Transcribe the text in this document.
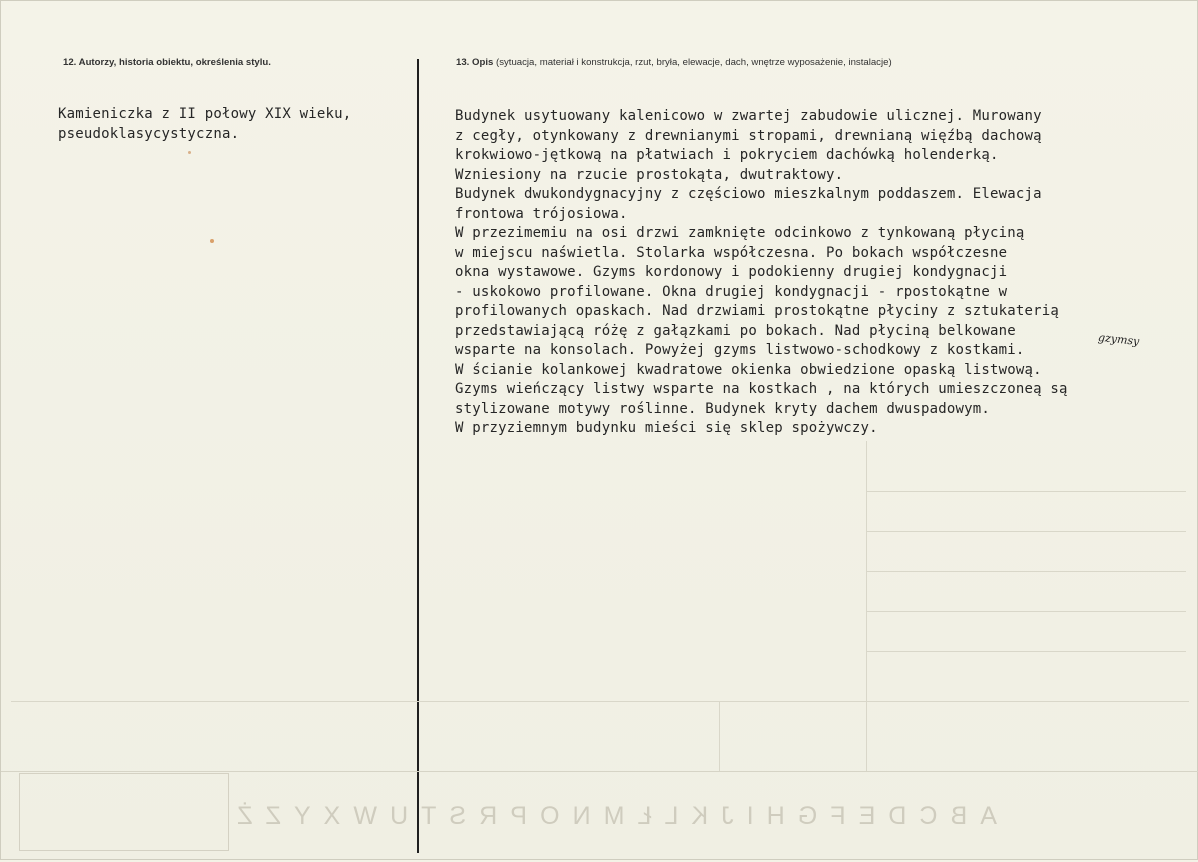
12. Autorzy, historia obiektu, określenia stylu.	13. Opis (sytuacja, materiał i konstrukcja, rzut, bryła, elewacje, dach, wnętrze wyposażenie, instalacje)
Kamieniczka z II połowy XIX wieku,
pseudoklasycystyczna.
Budynek usytuowany kalenicowo w zwartej zabudowie ulicznej. Murowany
z cegły, otynkowany z drewnianymi stropami, drewnianą więźbą dachową
krokwiowo-jętkową na płatwiach i pokryciem dachówką holenderką.
Wzniesiony na rzucie prostokąta, dwutraktowy.
Budynek dwukondygnacyjny z częściowo mieszkalnym poddaszem. Elewacja
frontowa trójosiowa.
W przezimemiu na osi drzwi zamknięte odcinkowo z tynkowaną płyciną
w miejscu naświetla. Stolarka współczesna. Po bokach współczesne
okna wystawowe. Gzyms kordonowy i podokienny drugiej kondygnacji
- uskokowo profilowane. Okna drugiej kondygnacji - rpostokątne w
profilowanych opaskach. Nad drzwiami prostokątne płyciny z sztukaterią
przedstawiającą różę z gałązkami po bokach. Nad płyciną belkowane
wsparte na konsolach. Powyżej gzyms listwowo-schodkowy z kostkami.
W ścianie kolankowej kwadratowe okienka obwiedzione opaską listwową.
Gzyms wieńczący listwy wsparte na kostkach , na których umieszczoneą są
stylizowane motywy roślinne. Budynek kryty dachem dwuspadowym.
W przyziemnym budynku mieści się sklep spożywczy.
gzymsy
A
B
C
D
E
F
G
H
I
J
K
L
Ł
M
N
O
P
R
S
T
U
W
X
Y
Z
Ż
